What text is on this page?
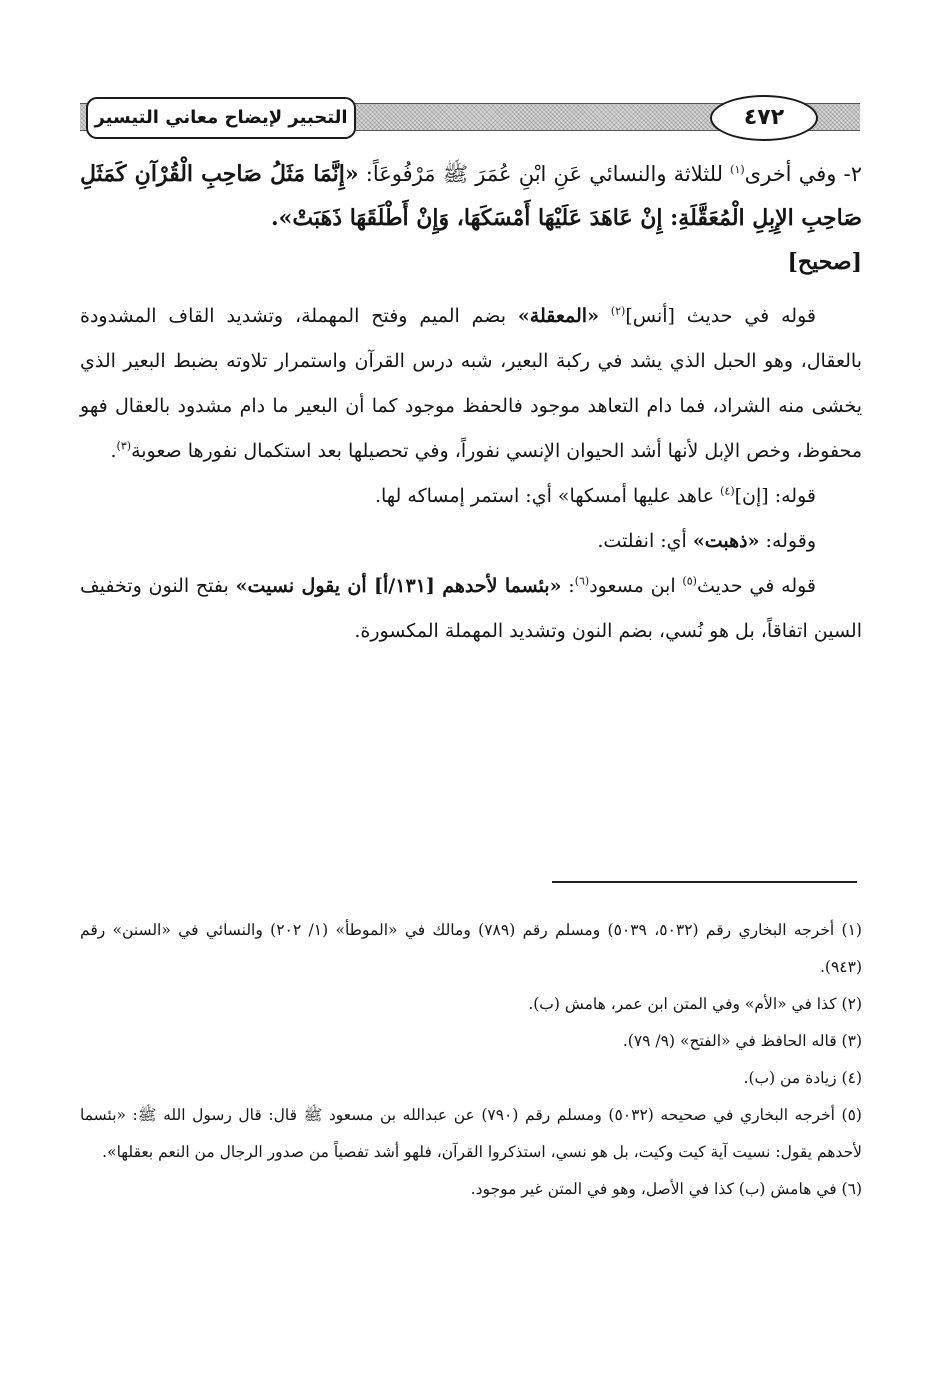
التحبير لإيضاح معاني التيسير	٤٧٢

٢- وفي أخرى$^{(١)}$ للثلاثة والنسائي عَنِ ابْنِ عُمَرَ ﷺ مَرْفُوعَاً: «إِنَّمَا مَثَلُ صَاحِبِ الْقُرْآنِ كَمَثَلِ صَاحِبِ الإِبِلِ الْمُعَقَّلَةِ: إِنْ عَاهَدَ عَلَيْهَا أَمْسَكَهَا، وَإِنْ أَطْلَقَهَا ذَهَبَتْ».

[صحيح]

قوله في حديث [أنس]$^{(٢)}$ «المعقلة» بضم الميم وفتح المهملة، وتشديد القاف المشدودة بالعقال، وهو الحبل الذي يشد في ركبة البعير، شبه درس القرآن واستمرار تلاوته بضبط البعير الذي يخشى منه الشراد، فما دام التعاهد موجود فالحفظ موجود كما أن البعير ما دام مشدود بالعقال فهو محفوظ، وخص الإبل لأنها أشد الحيوان الإنسي نفوراً، وفي تحصيلها بعد استكمال نفورها صعوبة$^{(٣)}$.

قوله: [إن]$^{(٤)}$ عاهد عليها أمسكها» أي: استمر إمساكه لها.

وقوله: «ذهبت» أي: انفلتت.

قوله في حديث$^{(٥)}$ ابن مسعود$^{(٦)}$: «بئسما لأحدهم [١٣١/أ] أن يقول نسيت» بفتح النون وتخفيف السين اتفاقاً، بل هو نُسي، بضم النون وتشديد المهملة المكسورة.

(١) أخرجه البخاري رقم (٥٠٣٢، ٥٠٣٩) ومسلم رقم (٧٨٩) ومالك في «الموطأ» (١/ ٢٠٢) والنسائي في «السنن» رقم (٩٤٣).

(٢) كذا في «الأم» وفي المتن ابن عمر، هامش (ب).

(٣) قاله الحافظ في «الفتح» (٩/ ٧٩).

(٤) زيادة من (ب).

(٥) أخرجه البخاري في صحيحه (٥٠٣٢) ومسلم رقم (٧٩٠) عن عبدالله بن مسعود ﷺ قال: قال رسول الله ﷺ: «بئسما لأحدهم يقول: نسيت آية كيت وكيت، بل هو نسي، استذكروا القرآن، فلهو أشد تفصياً من صدور الرجال من النعم بعقلها».

(٦) في هامش (ب) كذا في الأصل، وهو في المتن غير موجود.
